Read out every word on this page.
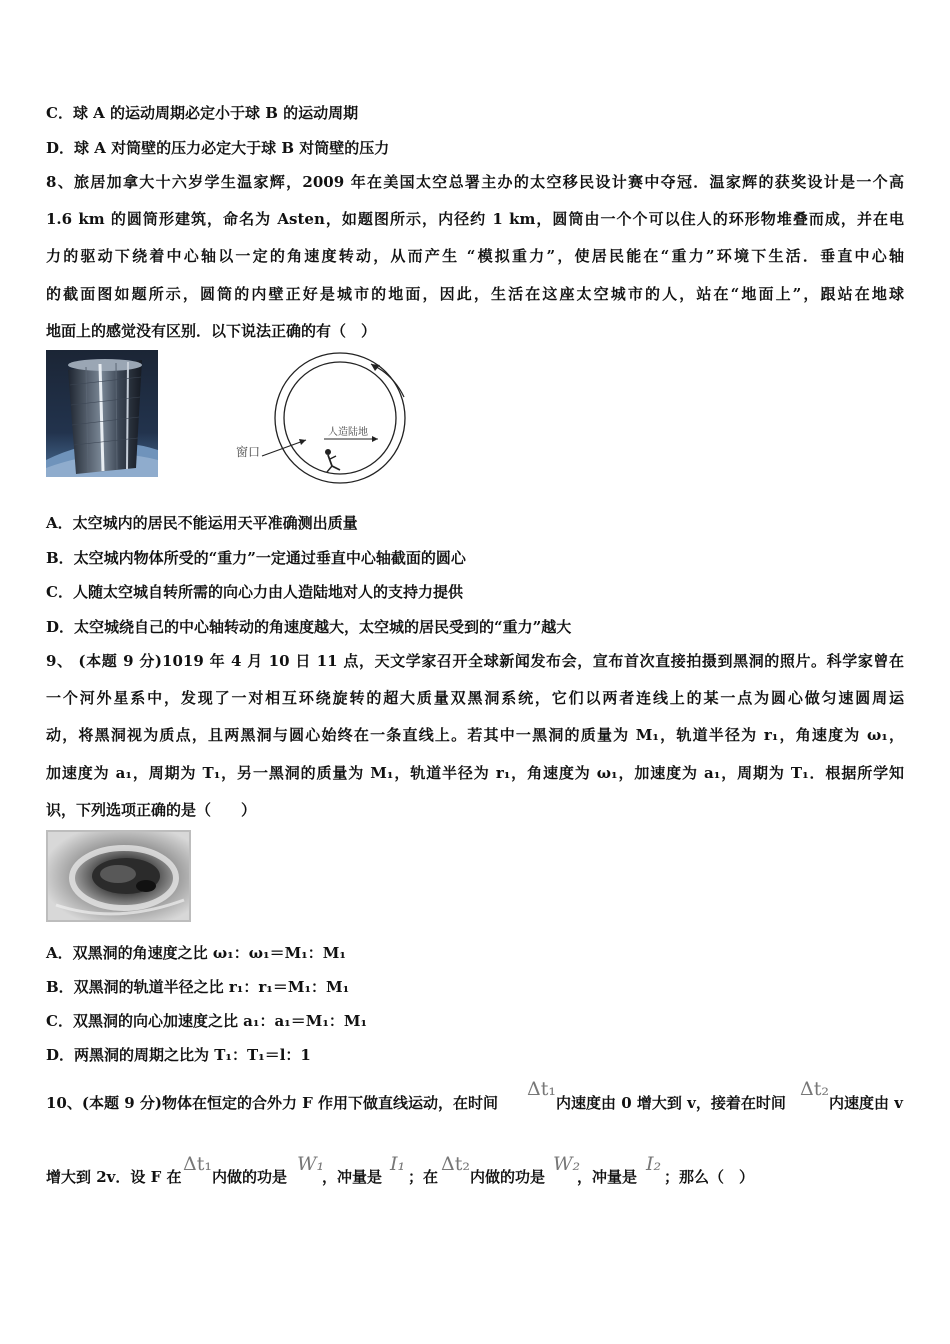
C．球 A 的运动周期必定小于球 B 的运动周期
D．球 A 对筒壁的压力必定大于球 B 对筒壁的压力
8、旅居加拿大十六岁学生温家辉，2009 年在美国太空总署主办的太空移民设计赛中夺冠．温家辉的获奖设计是一个高
1.6 km 的圆筒形建筑，命名为 Asten，如题图所示，内径约 1 km，圆筒由一个个可以住人的环形物堆叠而成，并在电
力的驱动下绕着中心轴以一定的角速度转动，从而产生 “模拟重力”，使居民能在“重力”环境下生活．垂直中心轴
的截面图如题所示，圆筒的内壁正好是城市的地面，因此，生活在这座太空城市的人，站在“地面上”，跟站在地球
地面上的感觉没有区别．以下说法正确的有（　）
窗口
人造陆地
A．太空城内的居民不能运用天平准确测出质量
B．太空城内物体所受的“重力”一定通过垂直中心轴截面的圆心
C．人随太空城自转所需的向心力由人造陆地对人的支持力提供
D．太空城绕自己的中心轴转动的角速度越大，太空城的居民受到的“重力”越大
9、 (本题 9 分)1019 年 4 月 10 日 11 点，天文学家召开全球新闻发布会，宣布首次直接拍摄到黑洞的照片。科学家曾在
一个河外星系中，发现了一对相互环绕旋转的超大质量双黑洞系统，它们以两者连线上的某一点为圆心做匀速圆周运
动，将黑洞视为质点，且两黑洞与圆心始终在一条直线上。若其中一黑洞的质量为 M₁，轨道半径为 r₁，角速度为 ω₁，
加速度为 a₁，周期为 T₁，另一黑洞的质量为 M₁，轨道半径为 r₁，角速度为 ω₁，加速度为 a₁，周期为 T₁．根据所学知
识，下列选项正确的是（　　）
A．双黑洞的角速度之比 ω₁：ω₁＝M₁：M₁
B．双黑洞的轨道半径之比 r₁：r₁＝M₁：M₁
C．双黑洞的向心加速度之比 a₁：a₁＝M₁：M₁
D．两黑洞的周期之比为 T₁：T₁＝l：1
10、(本题 9 分)物体在恒定的合外力 F 作用下做直线运动，在时间
Δt₁
内速度由 0 增大到 v，接着在时间
Δt₂
内速度由 v
增大到 2v．设 F 在
Δt₁
内做的功是
W₁
，冲量是
I₁
；在
Δt₂
内做的功是
W₂
，冲量是
I₂
；那么（　）
